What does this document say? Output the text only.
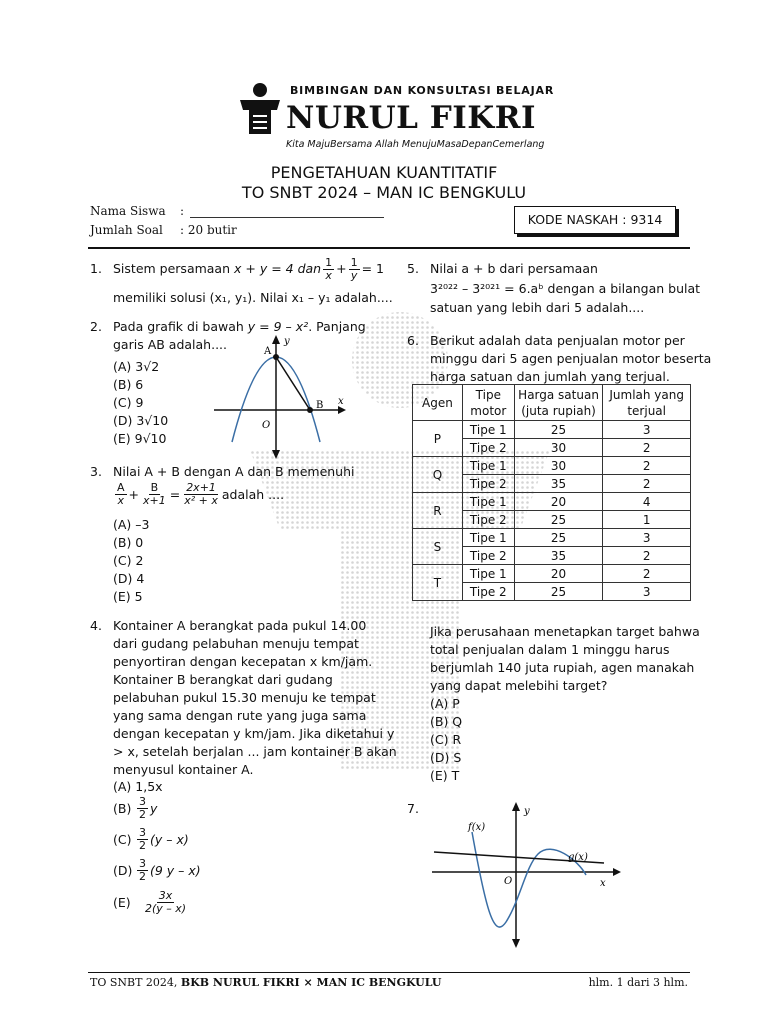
BIMBINGAN DAN KONSULTASI BELAJAR
NURUL FIKRI
Kita MajuBersama Allah MenujuMasaDepanCemerlang
PENGETAHUAN KUANTITATIF
TO SNBT 2024 – MAN IC BENGKULU
Nama Siswa :
Jumlah Soal : 20 butir
KODE NASKAH : 9314
1. Sistem persamaan
x + y = 4 dan $\frac{1}{x} + \frac{1}{y} = 1$
memiliki solusi (x₁, y₁). Nilai x₁ – y₁ adalah....
2. Pada grafik di bawah y = 9 – x². Panjang
garis AB adalah....
(A) 3√2
(B) 6
(C) 9
(D) 3√10
(E) 9√10
A
B
O
x
y
3. Nilai A + B dengan A dan B memenuhi
$\frac{A}{x} + \frac{B}{x+1} = \frac{2x+1}{\text{x² + x}}$ adalah ....
(A) –3
(B) 0
(C) 2
(D) 4
(E) 5
4. Kontainer A berangkat pada pukul 14.00
dari gudang pelabuhan menuju tempat
penyortiran dengan kecepatan x km/jam.
Kontainer B berangkat dari gudang
pelabuhan pukul 15.30 menuju ke tempat
yang sama dengan rute yang juga sama
dengan kecepatan y km/jam. Jika diketahui y
> x, setelah berjalan ... jam kontainer B akan
menyusul kontainer A.
(A) 1,5x
$(B) \frac{3}{2}$ y
$(C) \frac{3}{2} (y - x)$
$(D) \frac{3}{2} (9$ y – x)
(E)	$\frac{3x}{2(y - x)}$
5. Nilai a + b dari persamaan
3²⁰²² – 3²⁰²¹ = 6.aᵇ dengan a bilangan bulat
satuan yang lebih dari 5 adalah....
6. Berikut adalah data penjualan motor per
minggu dari 5 agen penjualan motor beserta
harga satuan dan jumlah yang terjual.
Agen	Tipe motor	Harga satuan (juta rupiah)	Jumlah yang terjual
P	Tipe 1	25	3
	Tipe 2	30	2
Q	Tipe 1	30	2
	Tipe 2	35	2
R	Tipe 1	20	4
	Tipe 2	25	1
S	Tipe 1	25	3
	Tipe 2	35	2
T	Tipe 1	20	2
	Tipe 2	25	3
Jika perusahaan menetapkan target bahwa
total penjualan dalam 1 minggu harus
berjumlah 140 juta rupiah, agen manakah
yang dapat melebihi target?
(A) P
(B) Q
(C) R
(D) S
(E) T
7.
f(x)
g(x)
O	x
y
TO SNBT 2024, BKB NURUL FIKRI × MAN IC BENGKULU	hlm. 1 dari 3 hlm.
